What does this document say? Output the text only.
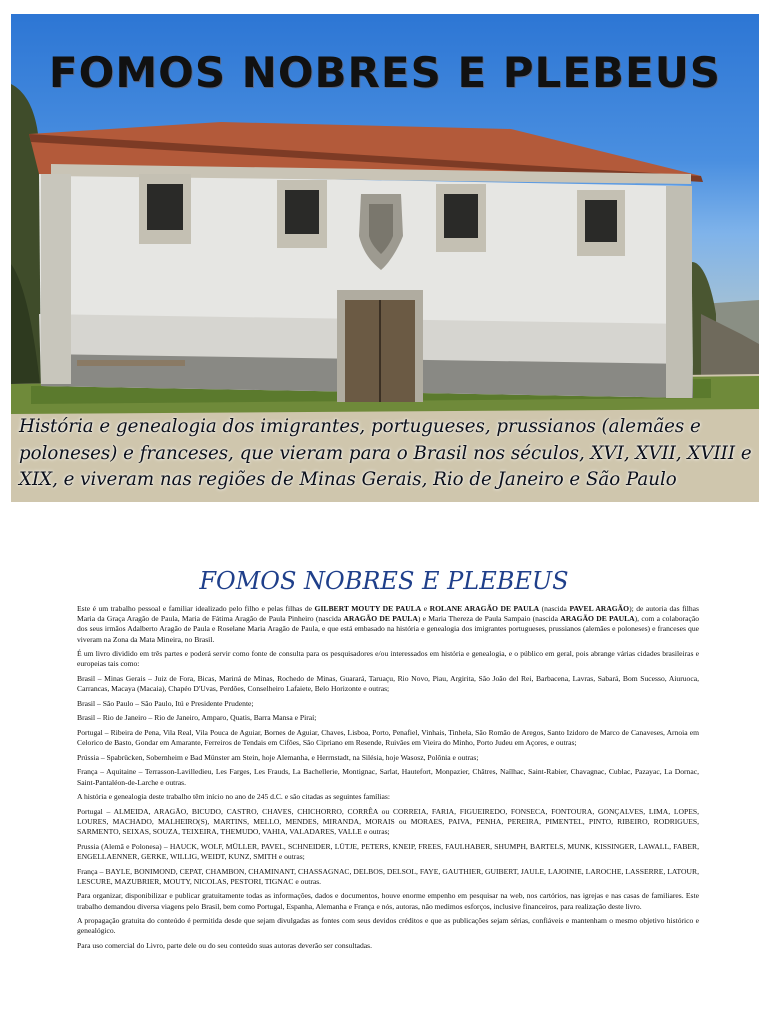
FOMOS NOBRES E PLEBEUS
História e genealogia dos imigrantes, portugueses, prussianos (alemães e poloneses) e franceses, que vieram para o Brasil nos séculos, XVI, XVII, XVIII e XIX, e viveram nas regiões de Minas Gerais, Rio de Janeiro e São Paulo
FOMOS NOBRES E PLEBEUS

Este é um trabalho pessoal e familiar idealizado pelo filho e pelas filhas de GILBERT MOUTY DE PAULA e ROLANE ARAGÃO DE PAULA (nascida PAVEL ARAGÃO); de autoria das filhas Maria da Graça Aragão de Paula, Maria de Fátima Aragão de Paula Pinheiro (nascida ARAGÃO DE PAULA) e Maria Thereza de Paula Sampaio (nascida ARAGÃO DE PAULA), com a colaboração dos seus irmãos Adalberto Aragão de Paula e Roselane Maria Aragão de Paula, e que está embasado na história e genealogia dos imigrantes portugueses, prussianos (alemães e poloneses) e franceses que viveram na Zona da Mata Mineira, no Brasil.

É um livro dividido em três partes e poderá servir como fonte de consulta para os pesquisadores e/ou interessados em história e genealogia, e o público em geral, pois abrange várias cidades brasileiras e europeias tais como:

Brasil – Minas Gerais – Juiz de Fora, Bicas, Mariпá de Minas, Rochedo de Minas, Guarará, Taruaçu, Rio Novo, Piau, Argirita, São João del Rei, Barbacena, Lavras, Sabará, Bom Sucesso, Aiuruoca, Carrancas, Macaya (Macaia), Chapéo D'Uvas, Perdões, Conselheiro Lafaiete, Belo Horizonte e outras;

Brasil – São Paulo – São Paulo, Itú e Presidente Prudente;

Brasil – Rio de Janeiro – Rio de Janeiro, Amparo, Quatis, Barra Mansa e Piraí;

Portugal – Ribeira de Pena, Vila Real, Vila Pouca de Aguiar, Bornes de Aguiar, Chaves, Lisboa, Porto, Penafiel, Vinhais, Tinhela, São Romão de Aregos, Santo Izidoro de Marco de Canaveses, Arnoia em Celorico de Basto, Gondar em Amarante, Ferreiros de Tendais em Cifões, São Cipriano em Resende, Ruivães em Vieira do Minho, Porto Judeu em Açores, e outras;

Prússia – Spabrücken, Sobernheim e Bad Münster am Stein, hoje Alemanha, e Herrnstadt, na Silésia, hoje Wasosz, Polônia e outras;

França – Aquitaine – Terrasson-Lavilledieu, Les Farges, Les Frauds, La Bachellerie, Montignac, Sarlat, Hautefort, Monpazier, Châtres, Naïlhac, Saint-Rabier, Chavagnac, Cublac, Pazayac, La Dornac, Saint-Pantaléon-de-Larche e outras.

A história e genealogia deste trabalho têm início no ano de 245 d.C. e são citadas as seguintes famílias:

Portugal – ALMEIDA, ARAGÃO, BICUDO, CASTRO, CHAVES, CHICHORRO, CORRÊA ou CORREIA, FARIA, FIGUEIREDO, FONSECA, FONTOURA, GONÇALVES, LIMA, LOPES, LOURES, MACHADO, MALHEIRO(S), MARTINS, MELLO, MENDES, MIRANDA, MORAIS ou MORAES, PAIVA, PENHA, PEREIRA, PIMENTEL, PINTO, RIBEIRO, RODRIGUES, SARMENTO, SEIXAS, SOUZA, TEIXEIRA, THEMUDO, VAHIA, VALADARES, VALLE e outras;

Prussia (Alemã e Polonesa) – HAUCK, WOLF, MÜLLER, PAVEL, SCHNEIDER, LÜTJE, PETERS, KNEIP, FREES, FAULHABER, SHUMPH, BARTELS, MUNK, KISSINGER, LAWALL, FABER, ENGELLAENNER, GERKE, WILLIG, WEIDT, KUNZ, SMITH e outras;

França – BAYLE, BONIMOND, CEPAT, CHAMBON, CHAMINANT, CHASSAGNAC, DELBOS, DELSOL, FAYE, GAUTHIER, GUIBERT, JAULE, LAJOINIE, LAROCHE, LASSERRE, LATOUR, LESCURE, MAZUBRIER, MOUTY, NICOLAS, PESTORI, TIGNAC e outras.

Para organizar, disponibilizar e publicar gratuitamente todas as informações, dados e documentos, houve enorme empenho em pesquisar na web, nos cartórios, nas igrejas e nas casas de familiares. Este trabalho demandou diversa viagens pelo Brasil, bem como Portugal, Espanha, Alemanha e França e nós, autoras, não medimos esforços, inclusive financeiros, para realização deste livro.

A propagação gratuita do conteúdo é permitida desde que sejam divulgadas as fontes com seus devidos créditos e que as publicações sejam sérias, confiáveis e mantenham o mesmo objetivo histórico e genealógico.

Para uso comercial do Livro, parte dele ou do seu conteúdo suas autoras deverão ser consultadas.
